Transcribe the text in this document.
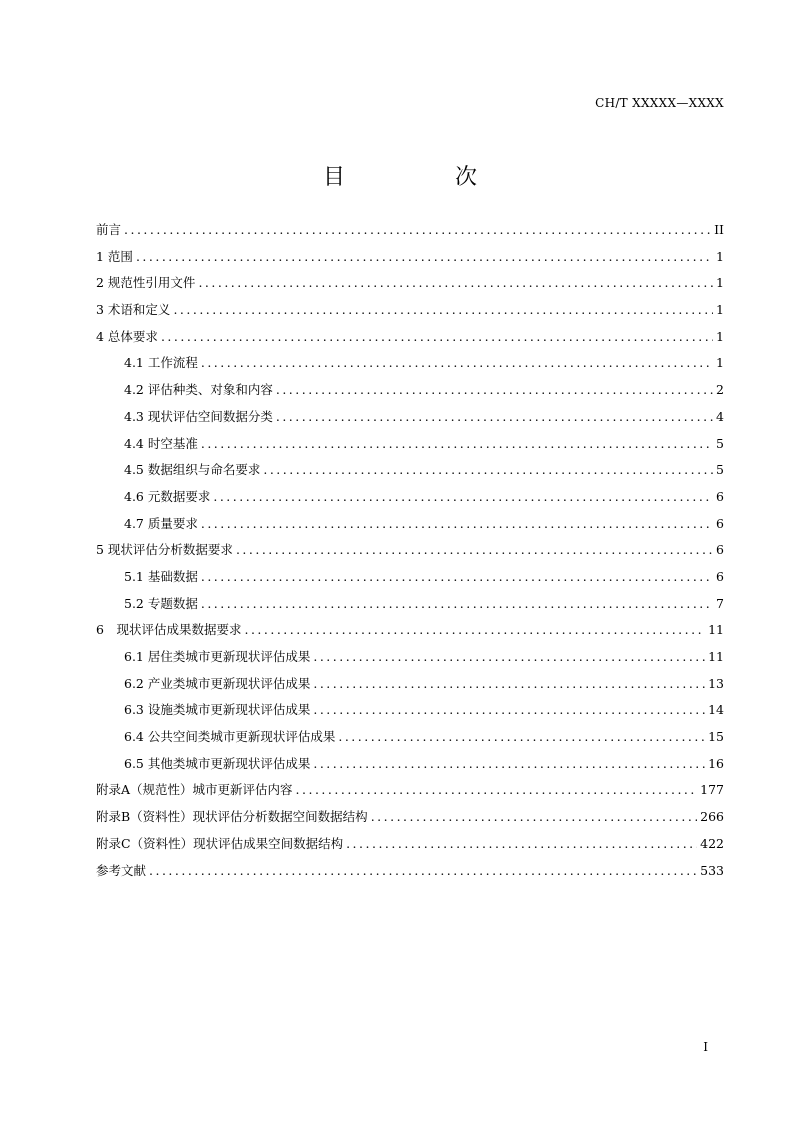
CH/T XXXXX—XXXX
目　次
前言 .....	II
1 范围 .....	1
2 规范性引用文件 .....	1
3 术语和定义 .....	1
4 总体要求 .....	1
4.1 工作流程 .....	1
4.2 评估种类、对象和内容 .....	2
4.3 现状评估空间数据分类 .....	4
4.4 时空基准 .....	5
4.5 数据组织与命名要求 .....	5
4.6 元数据要求 .....	6
4.7 质量要求 .....	6
5 现状评估分析数据要求 .....	6
5.1 基础数据 .....	6
5.2 专题数据 .....	7
6　现状评估成果数据要求 .....	11
6.1 居住类城市更新现状评估成果 .....	11
6.2 产业类城市更新现状评估成果 .....	13
6.3 设施类城市更新现状评估成果 .....	14
6.4 公共空间类城市更新现状评估成果 .....	15
6.5 其他类城市更新现状评估成果 .....	16
附录A（规范性）城市更新评估内容 .....	177
附录B（资料性）现状评估分析数据空间数据结构 .....	266
附录C（资料性）现状评估成果空间数据结构 .....	422
参考文献 .....	533
I
